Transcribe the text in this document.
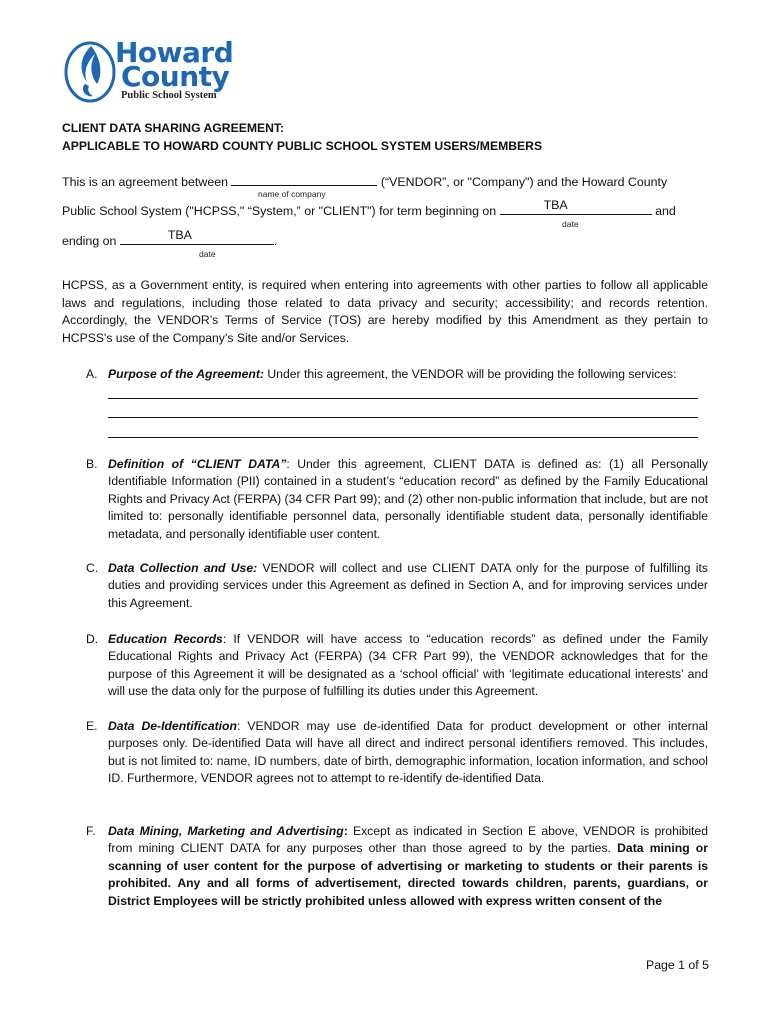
Howard
County
Public School System
CLIENT DATA SHARING AGREEMENT:
APPLICABLE TO HOWARD COUNTY PUBLIC SCHOOL SYSTEM USERS/MEMBERS
This is an agreement between	(“VENDOR”, or "Company") and the Howard County
name of company
Public School System ("HCPSS," “System,” or "CLIENT") for term beginning on	TBA	and
date
ending on	TBA	.
date
HCPSS, as a Government entity, is required when entering into agreements with other parties to follow all applicable laws and regulations, including those related to data privacy and security; accessibility; and records retention. Accordingly, the VENDOR’s Terms of Service (TOS) are hereby modified by this Amendment as they pertain to HCPSS's use of the Company’s Site and/or Services.
A. Purpose of the Agreement: Under this agreement, the VENDOR will be providing the following services:
B. Definition of “CLIENT DATA”: Under this agreement, CLIENT DATA is defined as: (1) all Personally Identifiable Information (PII) contained in a student’s “education record” as defined by the Family Educational Rights and Privacy Act (FERPA) (34 CFR Part 99); and (2) other non-public information that include, but are not limited to: personally identifiable personnel data, personally identifiable student data, personally identifiable metadata, and personally identifiable user content.
C. Data Collection and Use: VENDOR will collect and use CLIENT DATA only for the purpose of fulfilling its duties and providing services under this Agreement as defined in Section A, and for improving services under this Agreement.
D. Education Records: If VENDOR will have access to “education records” as defined under the Family Educational Rights and Privacy Act (FERPA) (34 CFR Part 99), the VENDOR acknowledges that for the purpose of this Agreement it will be designated as a ‘school official’ with ‘legitimate educational interests’ and will use the data only for the purpose of fulfilling its duties under this Agreement.
E. Data De-Identification: VENDOR may use de-identified Data for product development or other internal purposes only. De-identified Data will have all direct and indirect personal identifiers removed. This includes, but is not limited to: name, ID numbers, date of birth, demographic information, location information, and school ID. Furthermore, VENDOR agrees not to attempt to re-identify de-identified Data.
F. Data Mining, Marketing and Advertising: Except as indicated in Section E above, VENDOR is prohibited from mining CLIENT DATA for any purposes other than those agreed to by the parties. Data mining or scanning of user content for the purpose of advertising or marketing to students or their parents is prohibited. Any and all forms of advertisement, directed towards children, parents, guardians, or District Employees will be strictly prohibited unless allowed with express written consent of the
Page 1 of 5
